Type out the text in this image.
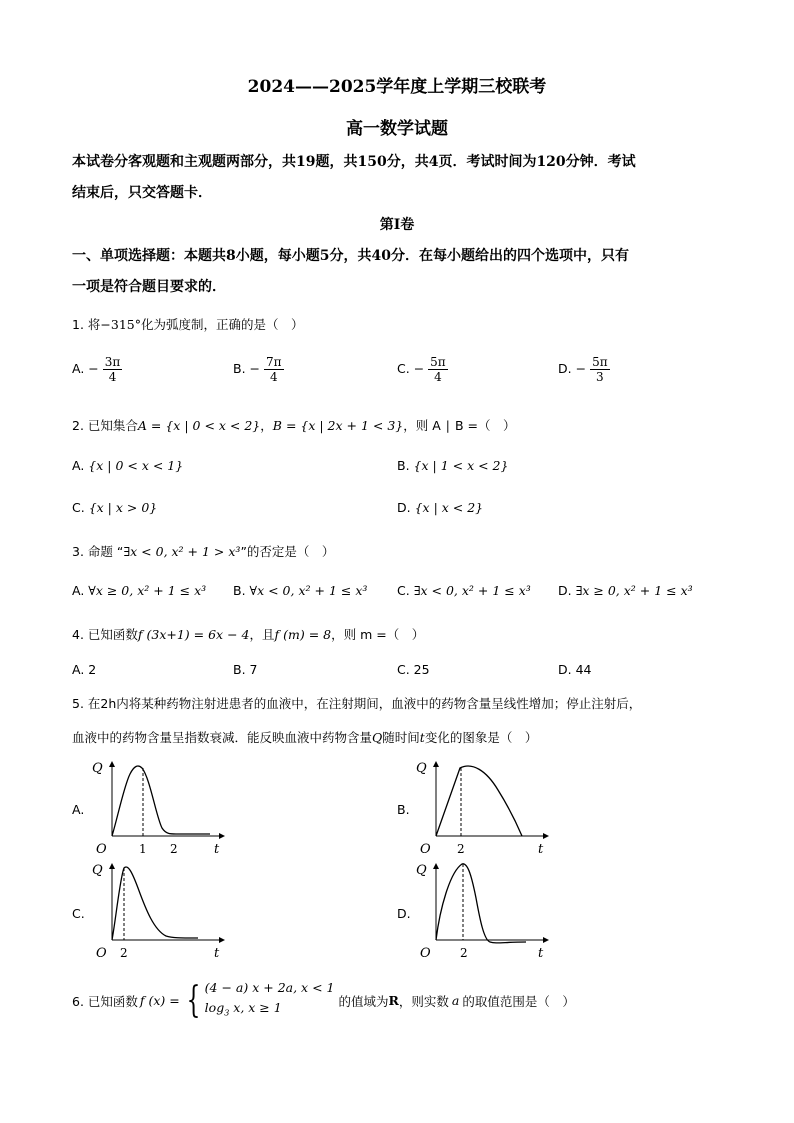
2024——2025学年度上学期三校联考
高一数学试题
本试卷分客观题和主观题两部分，共19题，共150分，共4页．考试时间为120分钟．考试
结束后，只交答题卡．
第Ⅰ卷
一、单项选择题：本题共8小题，每小题5分，共40分．在每小题给出的四个选项中，只有
一项是符合题目要求的．
1. 将−315°化为弧度制，正确的是（　）
A. − $\frac{3\pi}{4}$	B. − $\frac{7\pi}{4}$	C. − $\frac{5\pi}{4}$	D. − $\frac{5\pi}{3}$
2. 已知集合A = {x | 0 < x < 2}，B = {x | 2x + 1 < 3}，则 A ∣ B =（　）
A. {x | 0 < x < 1}	B. {x | 1 < x < 2}
C. {x | x > 0}	D. {x | x < 2}
3. 命题 “∃x < 0, x² + 1 > x³”的否定是（　）
A. ∀x ≥ 0, x² + 1 ≤ x³ B. ∀x < 0, x² + 1 ≤ x³ C. ∃x < 0, x² + 1 ≤ x³ D. ∃x ≥ 0, x² + 1 ≤ x³
4. 已知函数f (3x+1) = 6x − 4，且f (m) = 8，则 m =（　）
A. 2	B. 7	C. 25	D. 44
5. 在2h内将某种药物注射进患者的血液中，在注射期间，血液中的药物含量呈线性增加；停止注射后，
血液中的药物含量呈指数衰减．能反映血液中药物含量Q随时间t变化的图象是（　）
A.
Q
O	1 2	t
B.
Q
O 2	t
C.
Q
O 2	t
D.
Q
O 2	t
6. 已知函数 f (x) = { (4 − a) x + 2a, x < 1
$\log_3 x$, x ≥ 1	的值域为 R ，则实数 a 的取值范围是（　）
